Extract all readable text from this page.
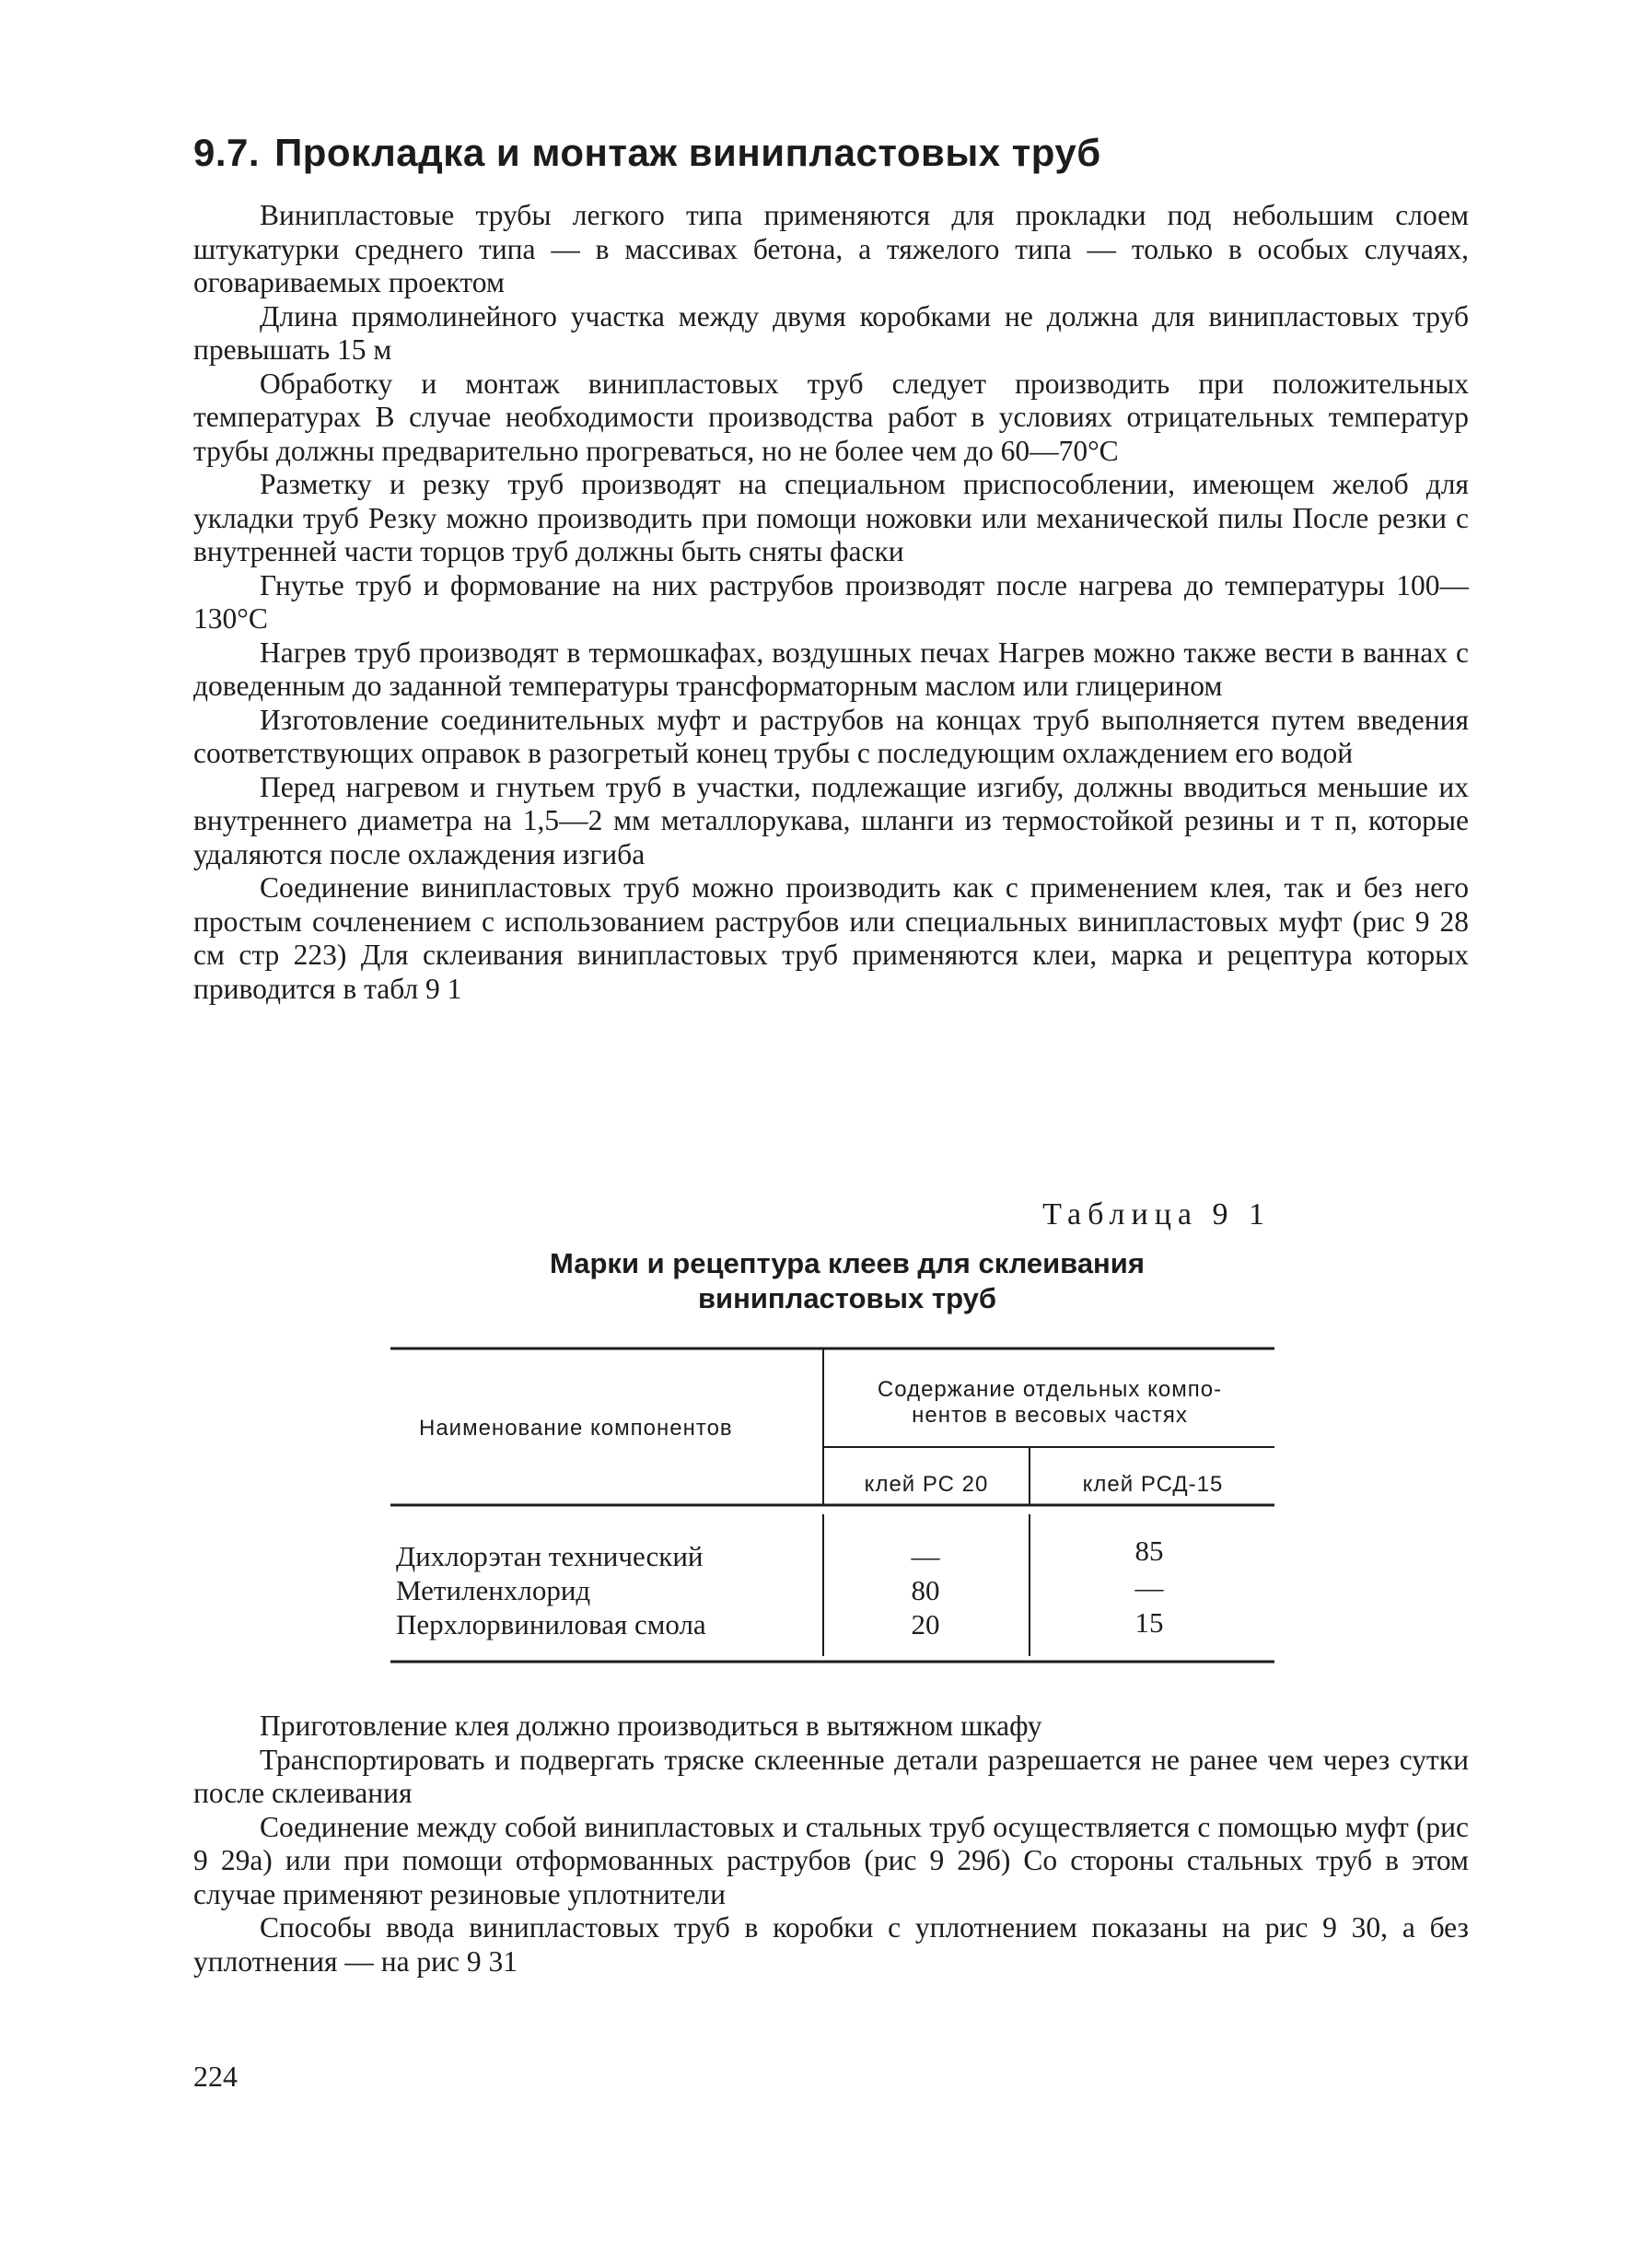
9.7. Прокладка и монтаж винипластовых труб

Винипластовые трубы легкого типа применяются для прокладки под небольшим слоем штукатурки среднего типа — в массивах бетона, а тяжелого типа — только в особых случаях, оговариваемых проектом

Длина прямолинейного участка между двумя коробками не должна для винипластовых труб превышать 15 м

Обработку и монтаж винипластовых труб следует производить при положительных температурах В случае необходимости производства работ в условиях отрицательных температур трубы должны предварительно прогреваться, но не более чем до 60—70°С

Разметку и резку труб производят на специальном приспособлении, имеющем желоб для укладки труб Резку можно производить при помощи ножовки или механической пилы После резки с внутренней части торцов труб должны быть сняты фаски

Гнутье труб и формование на них раструбов производят после нагрева до температуры 100—130°С

Нагрев труб производят в термошкафах, воздушных печах Нагрев можно также вести в ваннах с доведенным до заданной температуры трансформаторным маслом или глицерином

Изготовление соединительных муфт и раструбов на концах труб выполняется путем введения соответствующих оправок в разогретый конец трубы с последующим охлаждением его водой

Перед нагревом и гнутьем труб в участки, подлежащие изгибу, должны вводиться меньшие их внутреннего диаметра на 1,5—2 мм металлорукава, шланги из термостойкой резины и т п, которые удаляются после охлаждения изгиба

Соединение винипластовых труб можно производить как с применением клея, так и без него простым сочленением с использованием раструбов или специальных винипластовых муфт (рис 9 28 см стр 223) Для склеивания винипластовых труб применяются клеи, марка и рецептура которых приводится в табл 9 1

Таблица 9 1
Марки и рецептура клеев для склеивания
винипластовых труб
Наименование компонентов
Содержание отдельных компо-
нентов в весовых частях
клей РС 20	клей РСД-15
Дихлорэтан технический
Метиленхлорид
Перхлорвиниловая смола
—
80
20
85
—
15

Приготовление клея должно производиться в вытяжном шкафу

Транспортировать и подвергать тряске склеенные детали разрешается не ранее чем через сутки после склеивания

Соединение между собой винипластовых и стальных труб осуществляется с помощью муфт (рис 9 29а) или при помощи отформованных раструбов (рис 9 29б) Со стороны стальных труб в этом случае применяют резиновые уплотнители

Способы ввода винипластовых труб в коробки с уплотнением показаны на рис 9 30, а без уплотнения — на рис 9 31

224
